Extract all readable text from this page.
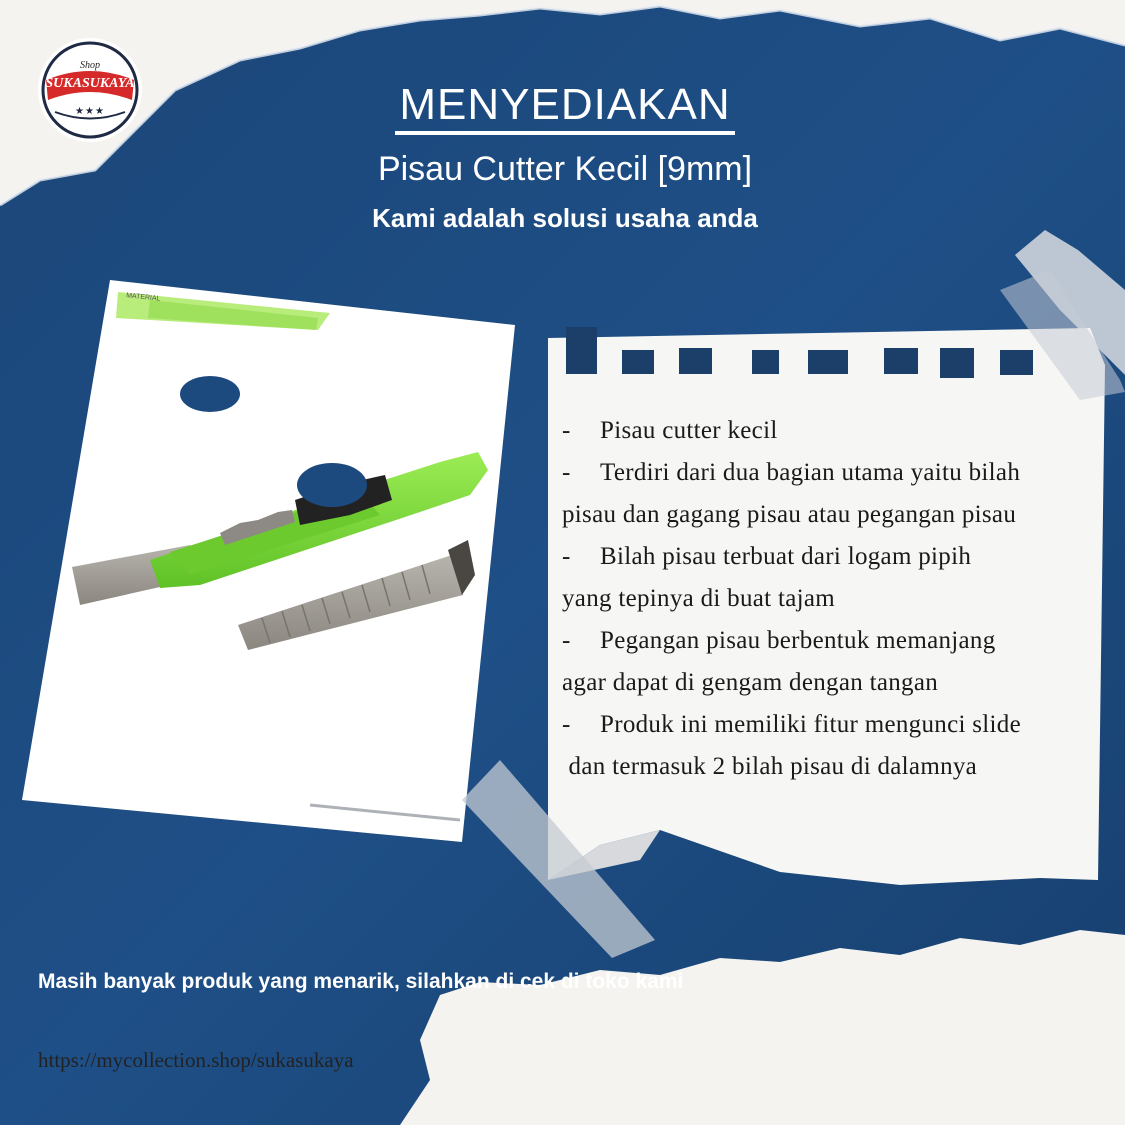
Shop
SUKASUKAYA
★★★	MENYEDIAKAN
Pisau Cutter Kecil [9mm]
Kami adalah solusi usaha anda
MATERIAL
- Pisau cutter kecil
- Terdiri dari dua bagian utama yaitu bilah
pisau dan gagang pisau atau pegangan pisau
- Bilah pisau terbuat dari logam pipih
yang tepinya di buat tajam
- Pegangan pisau berbentuk memanjang
agar dapat di gengam dengan tangan
- Produk ini memiliki fitur mengunci slide
dan termasuk 2 bilah pisau di dalamnya
Masih banyak produk yang menarik, silahkan di cek di toko kami
https://mycollection.shop/sukasukaya
